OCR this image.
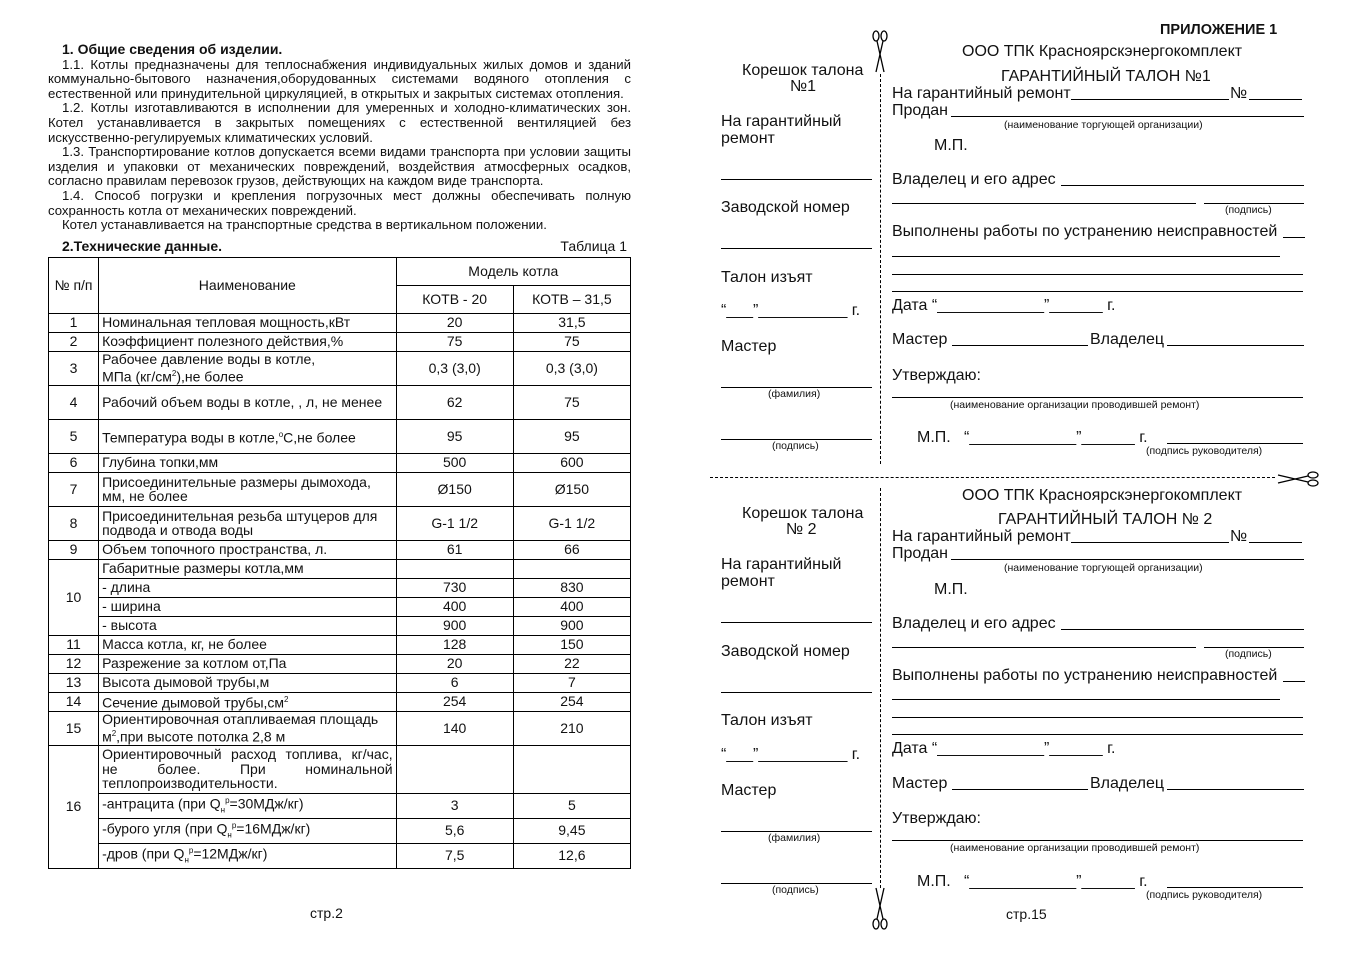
1. Общие сведения об изделии.

1.1. Котлы предназначены для теплоснабжения индивидуальных жилых домов и зданий коммунально-бытового назначения,оборудованных системами водяного отопления с естественной или принудительной циркуляцией, в открытых и закрытых системах отопления.

1.2. Котлы изготавливаются в исполнении для умеренных и холодно-климатических зон. Котел устанавливается в закрытых помещениях с естественной вентиляцией без искусственно-регулируемых климатических условий.

1.3. Транспортирование котлов допускается всеми видами транспорта при условии защиты изделия и упаковки от механических повреждений, воздействия атмосферных осадков, согласно правилам перевозок грузов, действующих на каждом виде транспорта.

1.4. Способ погрузки и крепления погрузочных мест должны обеспечивать полную сохранность котла от механических повреждений.

Котел устанавливается на транспортные средства в вертикальном положении.

2.Технические данные.	Таблица 1
№ п/п	Наименование	Модель котла	
		КОТВ - 20	КОТВ – 31,5
1	Номинальная тепловая мощность,кВт	20	31,5
2	Коэффициент полезного действия,%	75	75
3	Рабочее давление воды в котле,
МПа $(кг/см^2),не$ более	0,3 (3,0)	0,3 (3,0)
4	Рабочий объем воды в котле, , л, не менее	62	75
5	Температура воды в котле,$^o$С,не более	95	95
6	Глубина топки,мм	500	600
7	Присоединительные размеры дымохода, мм, не более	Ø150	Ø150
8	Присоединительная резьба штуцеров для подвода и отвода воды	G-1 1/2	G-1 1/2
9	Объем топочного пространства, л.	61	66
10	Габаритные размеры котла,мм		
	- длина	730	830
	- ширина	400	400
	- высота	900	900
11	Масса котла, кг, не более	128	150
12	Разрежение за котлом от,Па	20	22
13	Высота дымовой трубы,м	6	7
14	Сечение дымовой $трубы,см^2$	254	254
15	Ориентировочная отапливаемая площадь $м^2,при$ высоте потолка 2,8 м	140	210
16	Ориентировочный расход топлива, кг/час, не более. При номинальной теплопроизводительности.		
	-антрацита (при $Q_н^р=30МДж/кг$)	3	5
	-бурого угля (при $Q_н^р=16МДж/кг$)	5,6	9,45
	-дров (при $Q_н^р=12МДж/кг$)	7,5	12,6
стр.2
ПРИЛОЖЕНИЕ 1
Корешок талона
№1
На гарантийный
ремонт
Заводской номер
Талон изъят
“___”__________ г.
Мастер
(фамилия)
(подпись)
ООО ТПК Красноярскэнергокомплект
ГАРАНТИЙНЫЙ ТАЛОН №1
На гарантийный ремонт	№
Продан
(наименование торгующей организации)
М.П.
Владелец и его адрес
(подпись)
Выполнены работы по устранению неисправностей
Дата “____________”______ г.
Мастер	Владелец
Утверждаю:
(наименование организации проводившей ремонт)
М.П. “____________”______ г.
(подпись руководителя)
Корешок талона
№ 2
На гарантийный
ремонт
Заводской номер
Талон изъят
“___”__________ г.
Мастер
(фамилия)
(подпись)
ООО ТПК Красноярскэнергокомплект
ГАРАНТИЙНЫЙ ТАЛОН № 2
На гарантийный ремонт	№
Продан
(наименование торгующей организации)
М.П.
Владелец и его адрес
(подпись)
Выполнены работы по устранению неисправностей
Дата “____________”______ г.
Мастер	Владелец
Утверждаю:
(наименование организации проводившей ремонт)
М.П. “____________”______ г.
(подпись руководителя)
стр.15
